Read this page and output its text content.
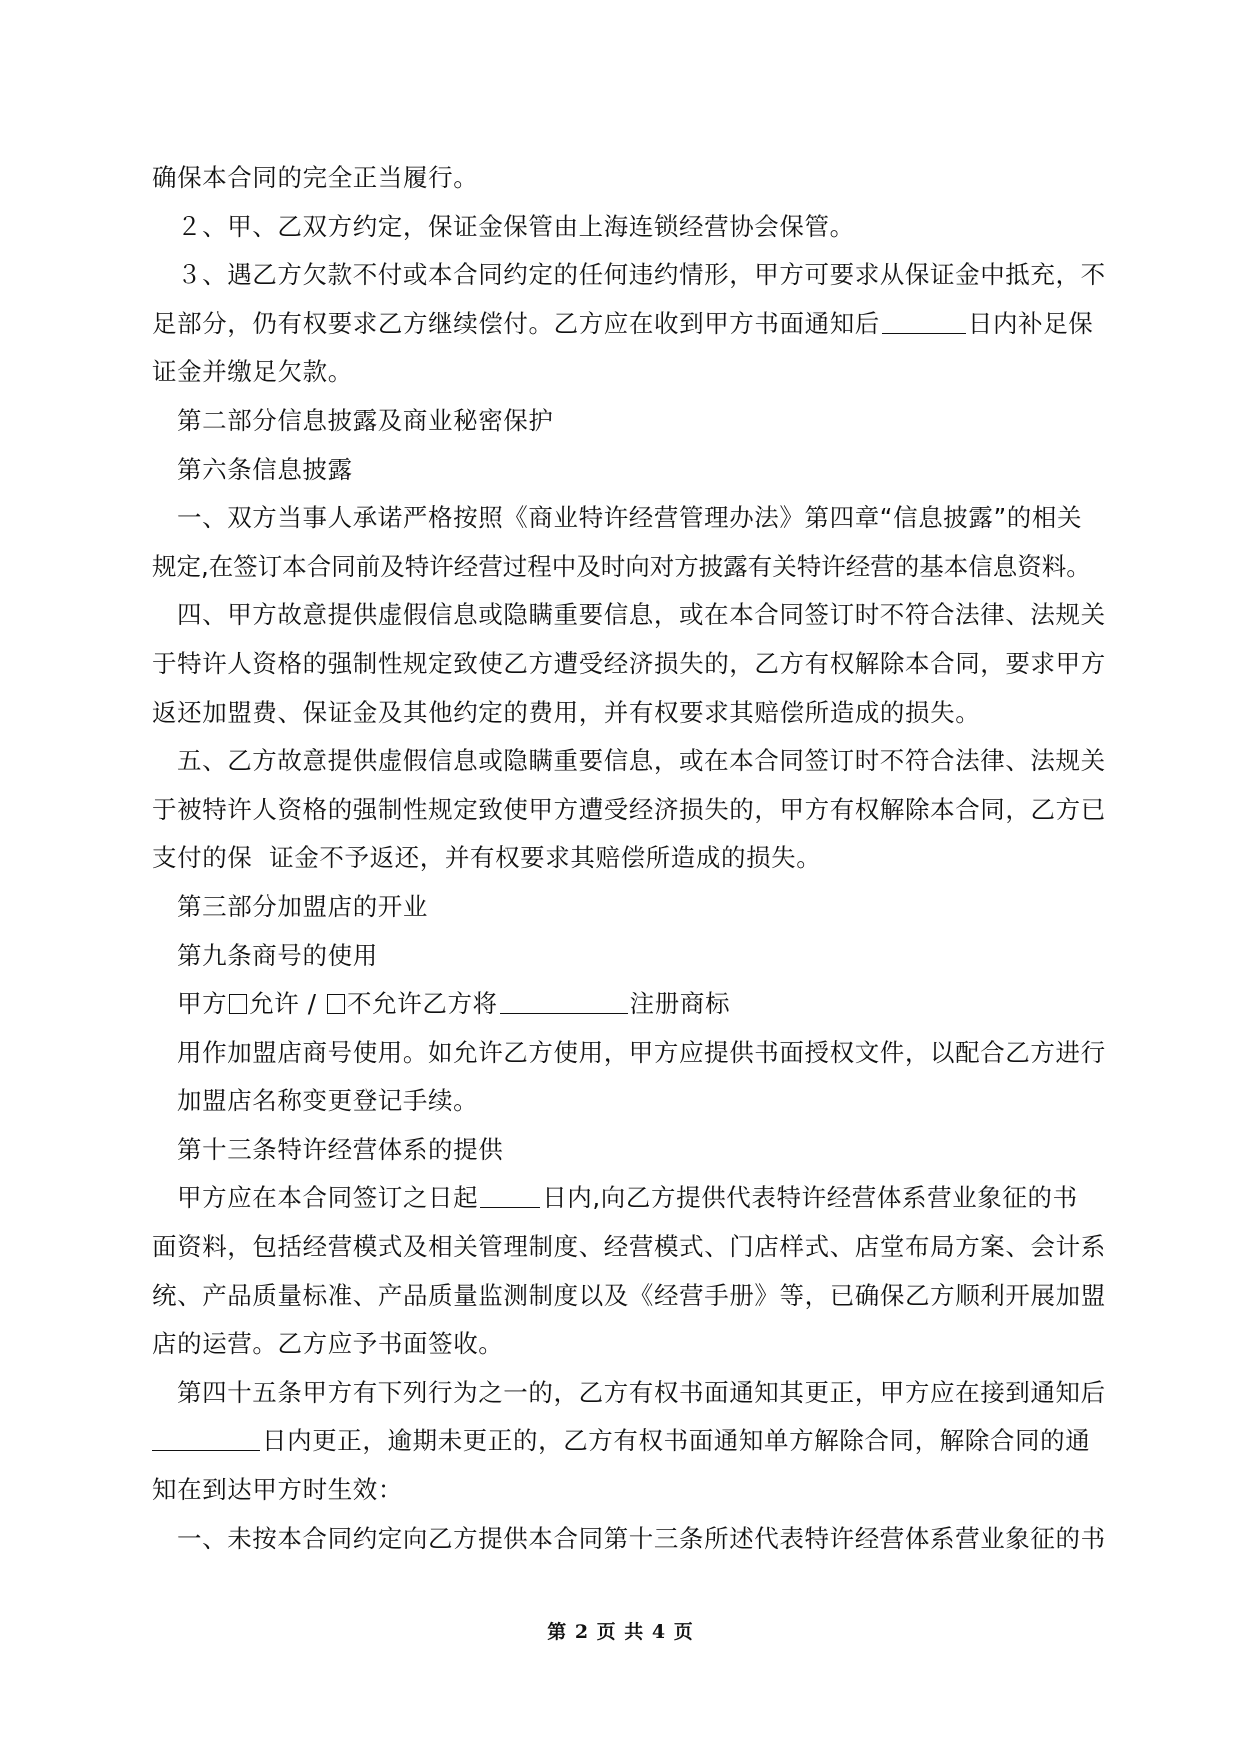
确保本合同的完全正当履行。
２、甲、乙双方约定，保证金保管由上海连锁经营协会保管。
３、遇乙方欠款不付或本合同约定的任何违约情形，甲方可要求从保证金中抵充，不
足部分，仍有权要求乙方继续偿付。乙方应在收到甲方书面通知后	日内补足保
证金并缴足欠款。
第二部分信息披露及商业秘密保护
第六条信息披露
一、双方当事人承诺严格按照《商业特许经营管理办法》第四章“信息披露”的相关
规定,在签订本合同前及特许经营过程中及时向对方披露有关特许经营的基本信息资料。
四、甲方故意提供虚假信息或隐瞒重要信息，或在本合同签订时不符合法律、法规关
于特许人资格的强制性规定致使乙方遭受经济损失的，乙方有权解除本合同，要求甲方
返还加盟费、保证金及其他约定的费用，并有权要求其赔偿所造成的损失。
五、乙方故意提供虚假信息或隐瞒重要信息，或在本合同签订时不符合法律、法规关
于被特许人资格的强制性规定致使甲方遭受经济损失的，甲方有权解除本合同，乙方已
支付的保  证金不予返还，并有权要求其赔偿所造成的损失。
第三部分加盟店的开业
第九条商号的使用
甲方 允许 / 不允许乙方将	注册商标
用作加盟店商号使用。如允许乙方使用，甲方应提供书面授权文件，以配合乙方进行
加盟店名称变更登记手续。
第十三条特许经营体系的提供
甲方应在本合同签订之日起	日内,向乙方提供代表特许经营体系营业象征的书
面资料，包括经营模式及相关管理制度、经营模式、门店样式、店堂布局方案、会计系
统、产品质量标准、产品质量监测制度以及《经营手册》等，已确保乙方顺利开展加盟
店的运营。乙方应予书面签收。
第四十五条甲方有下列行为之一的，乙方有权书面通知其更正，甲方应在接到通知后
日内更正，逾期未更正的，乙方有权书面通知单方解除合同，解除合同的通
知在到达甲方时生效：
一、未按本合同约定向乙方提供本合同第十三条所述代表特许经营体系营业象征的书
第 2 页 共 4 页
